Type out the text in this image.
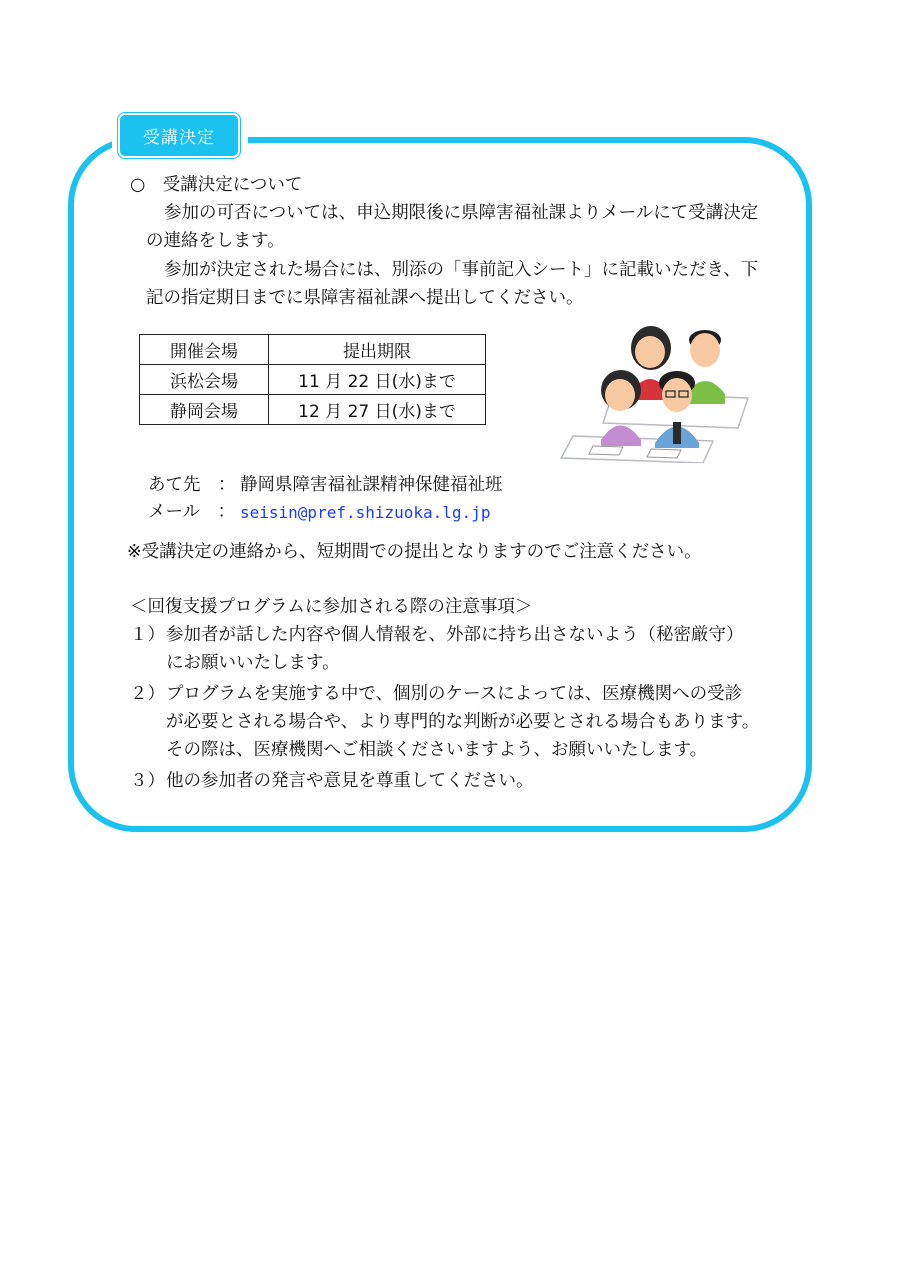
受講決定
○　受講決定について
参加の可否については、申込期限後に県障害福祉課よりメールにて受講決定
の連絡をします。
参加が決定された場合には、別添の「事前記入シート」に記載いただき、下
記の指定期日までに県障害福祉課へ提出してください。
開催会場	提出期限
浜松会場	11 月 22 日(水)まで
静岡会場	12 月 27 日(水)まで
あて先　： 静岡県障害福祉課精神保健福祉班
メール　： seisin@pref.shizuoka.lg.jp
※受講決定の連絡から、短期間での提出となりますのでご注意ください。
＜回復支援プログラムに参加される際の注意事項＞
１） 参加者が話した内容や個人情報を、外部に持ち出さないよう（秘密厳守）
にお願いいたします。
２） プログラムを実施する中で、個別のケースによっては、医療機関への受診
が必要とされる場合や、より専門的な判断が必要とされる場合もあります。
その際は、医療機関へご相談くださいますよう、お願いいたします。
３） 他の参加者の発言や意見を尊重してください。
